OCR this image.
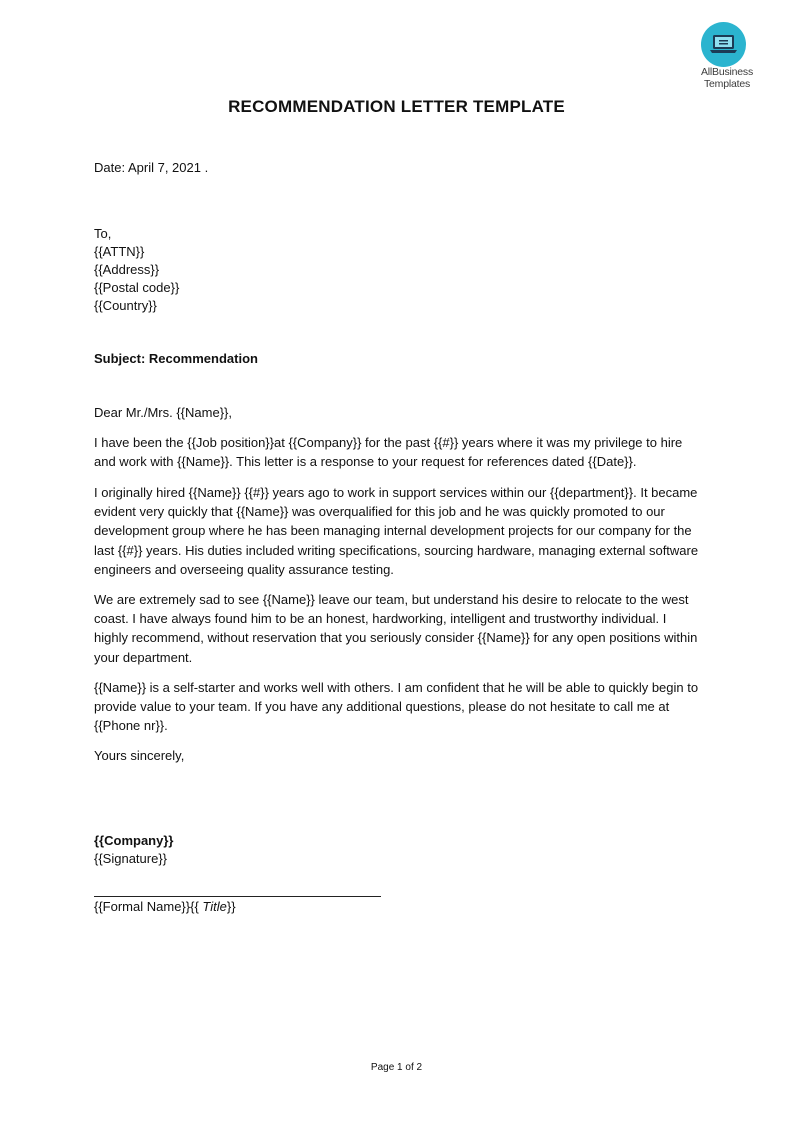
AllBusiness
Templates
RECOMMENDATION LETTER TEMPLATE
Date: April 7, 2021 .
To,
{{ATTN}}
{{Address}}
{{Postal code}}
{{Country}}
Subject: Recommendation
Dear Mr./Mrs. {{Name}},
I have been the {{Job position}}at {{Company}} for the past {{#}} years where it was my privilege to hire and work with {{Name}}. This letter is a response to your request for references dated {{Date}}.
I originally hired {{Name}} {{#}} years ago to work in support services within our {{department}}. It became evident very quickly that {{Name}} was overqualified for this job and he was quickly promoted to our development group where he has been managing internal development projects for our company for the last {{#}} years. His duties included writing specifications, sourcing hardware, managing external software engineers and overseeing quality assurance testing.
We are extremely sad to see {{Name}} leave our team, but understand his desire to relocate to the west coast. I have always found him to be an honest, hardworking, intelligent and trustworthy individual. I highly recommend, without reservation that you seriously consider {{Name}} for any open positions within your department.
{{Name}} is a self-starter and works well with others. I am confident that he will be able to quickly begin to provide value to your team. If you have any additional questions, please do not hesitate to call me at {{Phone nr}}.
Yours sincerely,
{{Company}}
{{Signature}}
{{Formal Name}}{{ Title}}
Page 1 of 2
